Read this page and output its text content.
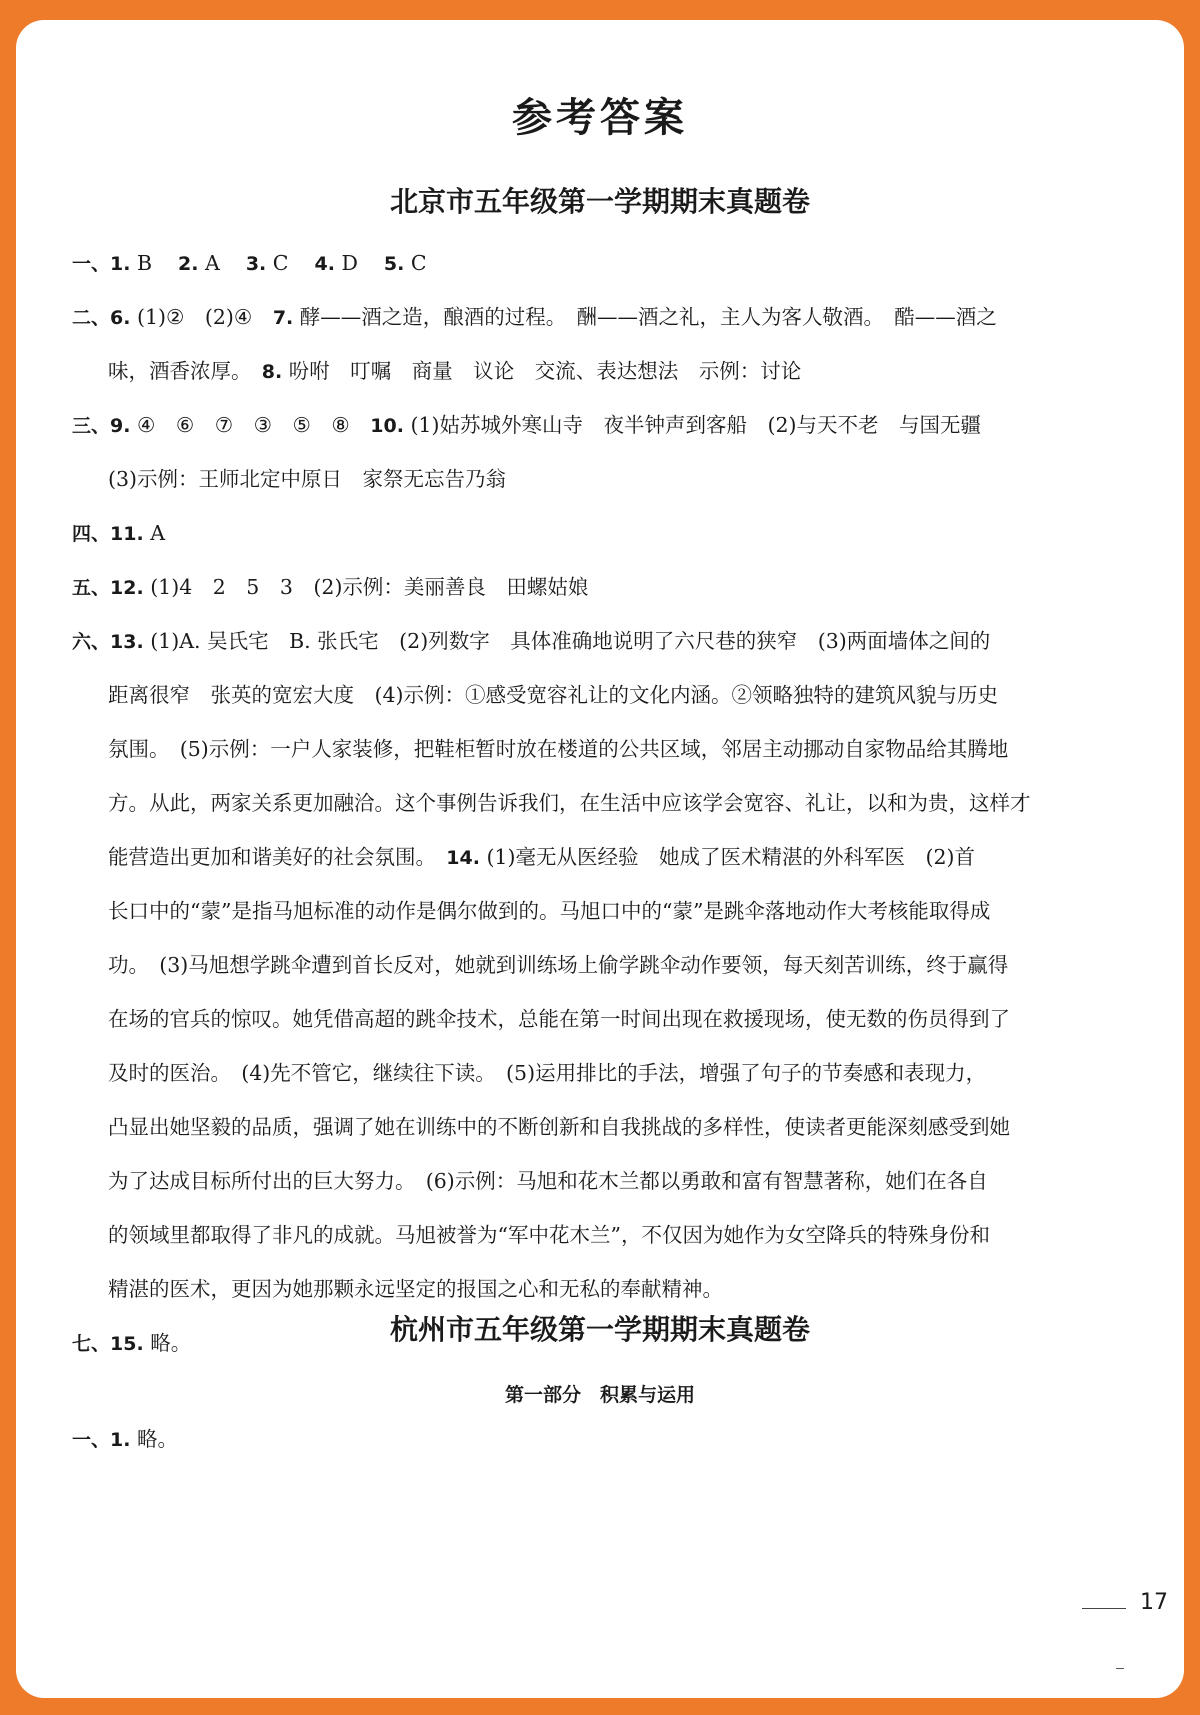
参考答案
北京市五年级第一学期期末真题卷
一、1. B 2. A 3. C 4. D 5. C
二、6. (1)②　(2)④　7. 酵——酒之造，酿酒的过程。　酬——酒之礼，主人为客人敬酒。　酷——酒之
味，酒香浓厚。　8. 吩咐　叮嘱　商量　议论　交流、表达想法　示例：讨论
三、9. ④　⑥　⑦　③　⑤　⑧　10. (1)姑苏城外寒山寺　夜半钟声到客船　(2)与天不老　与国无疆
(3)示例：王师北定中原日　家祭无忘告乃翁
四、11. A
五、12. (1)4　2　5　3　(2)示例：美丽善良　田螺姑娘
六、13. (1)A. 吴氏宅　B. 张氏宅　(2)列数字　具体准确地说明了六尺巷的狭窄　(3)两面墙体之间的
距离很窄　张英的宽宏大度　(4)示例：①感受宽容礼让的文化内涵。②领略独特的建筑风貌与历史
氛围。　(5)示例：一户人家装修，把鞋柜暂时放在楼道的公共区域，邻居主动挪动自家物品给其腾地
方。从此，两家关系更加融洽。这个事例告诉我们，在生活中应该学会宽容、礼让，以和为贵，这样才
能营造出更加和谐美好的社会氛围。　14. (1)毫无从医经验　她成了医术精湛的外科军医　(2)首
长口中的“蒙”是指马旭标准的动作是偶尔做到的。马旭口中的“蒙”是跳伞落地动作大考核能取得成
功。　(3)马旭想学跳伞遭到首长反对，她就到训练场上偷学跳伞动作要领，每天刻苦训练，终于赢得
在场的官兵的惊叹。她凭借高超的跳伞技术，总能在第一时间出现在救援现场，使无数的伤员得到了
及时的医治。　(4)先不管它，继续往下读。　(5)运用排比的手法，增强了句子的节奏感和表现力，
凸显出她坚毅的品质，强调了她在训练中的不断创新和自我挑战的多样性，使读者更能深刻感受到她
为了达成目标所付出的巨大努力。　(6)示例：马旭和花木兰都以勇敢和富有智慧著称，她们在各自
的领域里都取得了非凡的成就。马旭被誉为“军中花木兰”，不仅因为她作为女空降兵的特殊身份和
精湛的医术，更因为她那颗永远坚定的报国之心和无私的奉献精神。
七、15. 略。	杭州市五年级第一学期期末真题卷
第一部分　积累与运用
一、1. 略。
17
